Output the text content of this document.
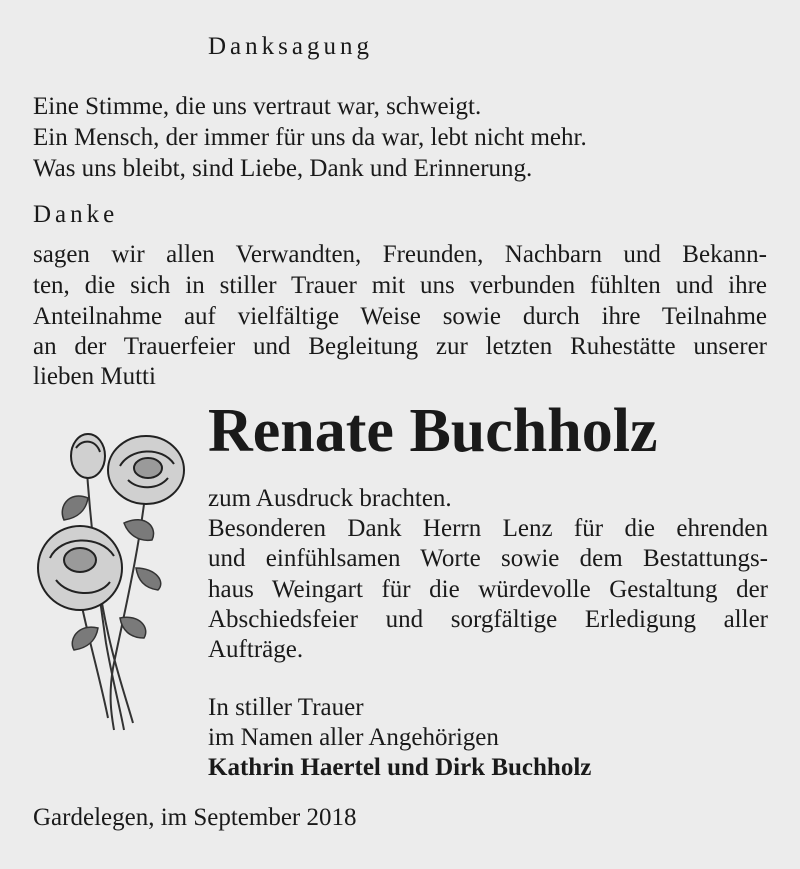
Danksagung
Eine Stimme, die uns vertraut war, schweigt.
Ein Mensch, der immer für uns da war, lebt nicht mehr.
Was uns bleibt, sind Liebe, Dank und Erinnerung.
Danke
sagen wir allen Verwandten, Freunden, Nachbarn und Bekann-
ten, die sich in stiller Trauer mit uns verbunden fühlten und ihre
Anteilnahme auf vielfältige Weise sowie durch ihre Teilnahme
an der Trauerfeier und Begleitung zur letzten Ruhestätte unserer
lieben Mutti
Renate Buchholz
zum Ausdruck brachten.
Besonderen Dank Herrn Lenz für die ehrenden
und einfühlsamen Worte sowie dem Bestattungs-
haus Weingart für die würdevolle Gestaltung der
Abschiedsfeier und sorgfältige Erledigung aller
Aufträge.
In stiller Trauer
im Namen aller Angehörigen
Kathrin Haertel und Dirk Buchholz
Gardelegen, im September 2018
